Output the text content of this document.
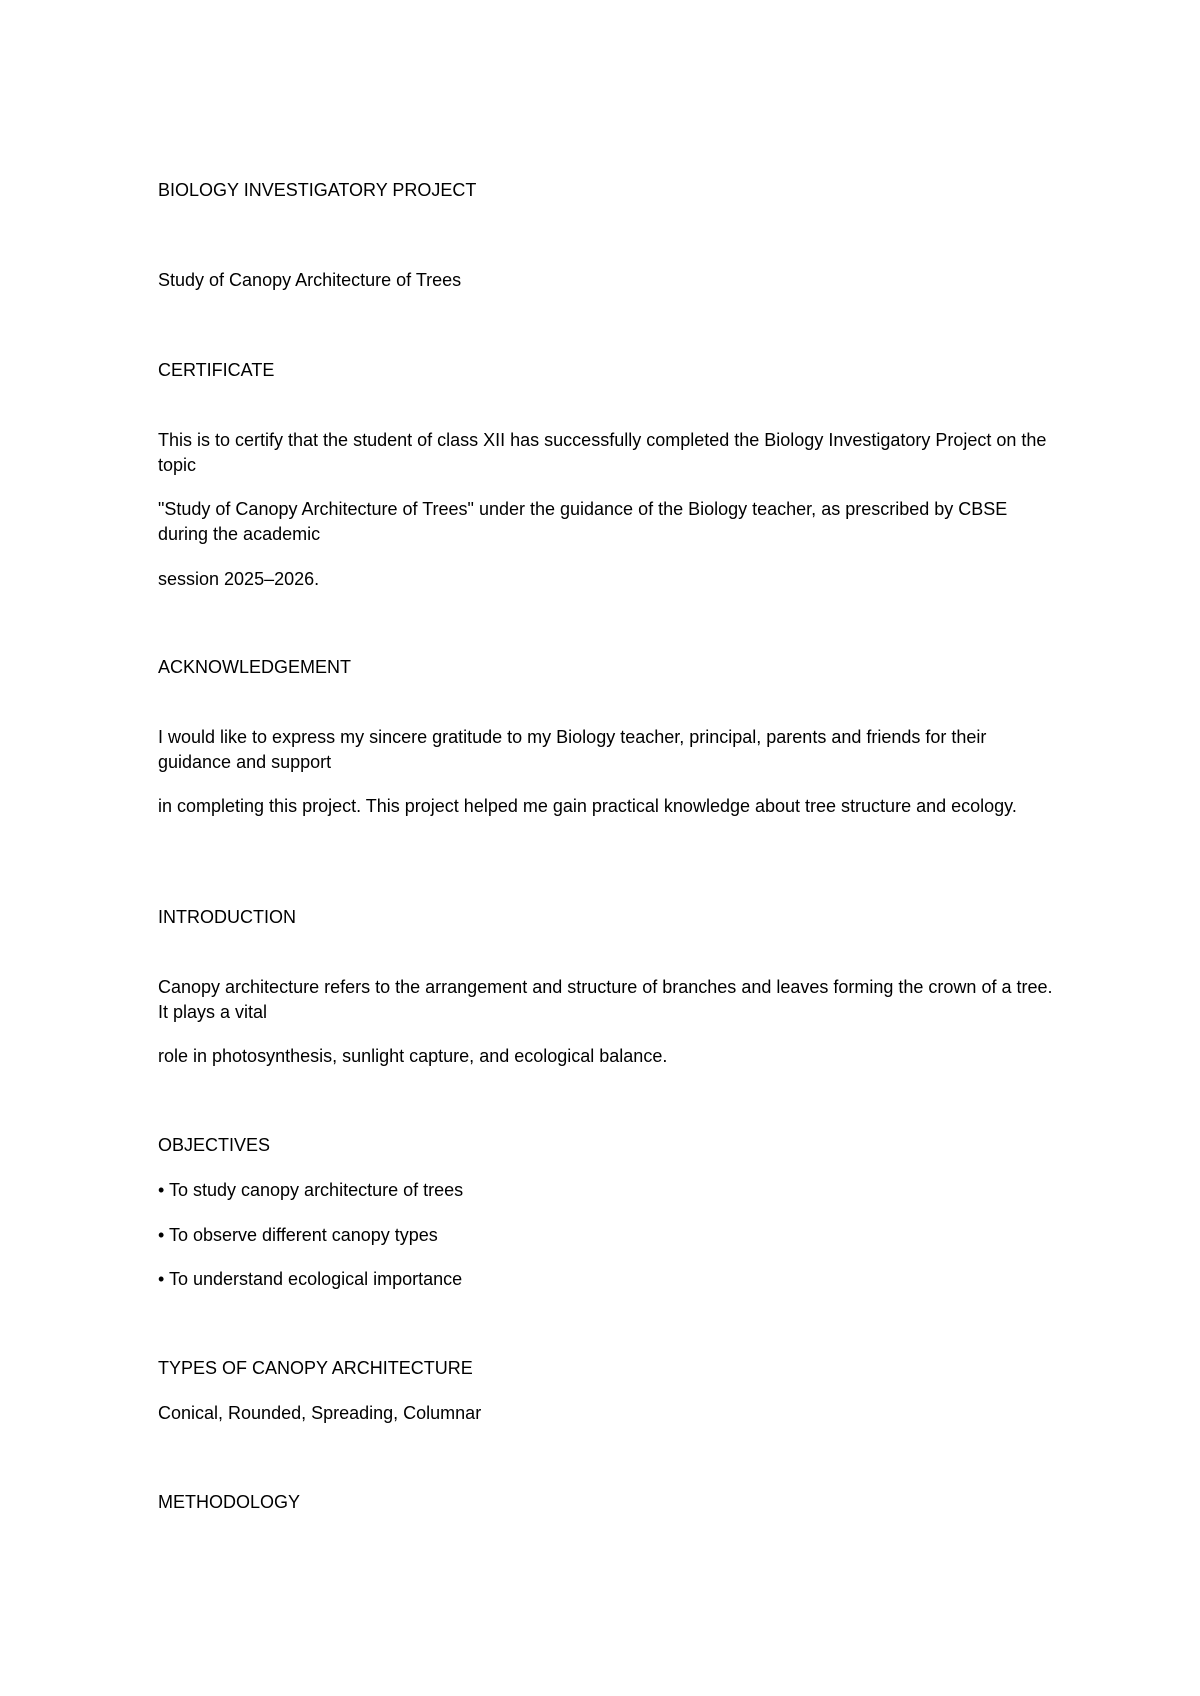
BIOLOGY INVESTIGATORY PROJECT

Study of Canopy Architecture of Trees

CERTIFICATE

This is to certify that the student of class XII has successfully completed the Biology Investigatory Project on the topic

"Study of Canopy Architecture of Trees" under the guidance of the Biology teacher, as prescribed by CBSE during the academic

session 2025–2026.

ACKNOWLEDGEMENT

I would like to express my sincere gratitude to my Biology teacher, principal, parents and friends for their guidance and support

in completing this project. This project helped me gain practical knowledge about tree structure and ecology.

INTRODUCTION

Canopy architecture refers to the arrangement and structure of branches and leaves forming the crown of a tree. It plays a vital

role in photosynthesis, sunlight capture, and ecological balance.

OBJECTIVES

• To study canopy architecture of trees

• To observe different canopy types

• To understand ecological importance

TYPES OF CANOPY ARCHITECTURE

Conical, Rounded, Spreading, Columnar

METHODOLOGY
